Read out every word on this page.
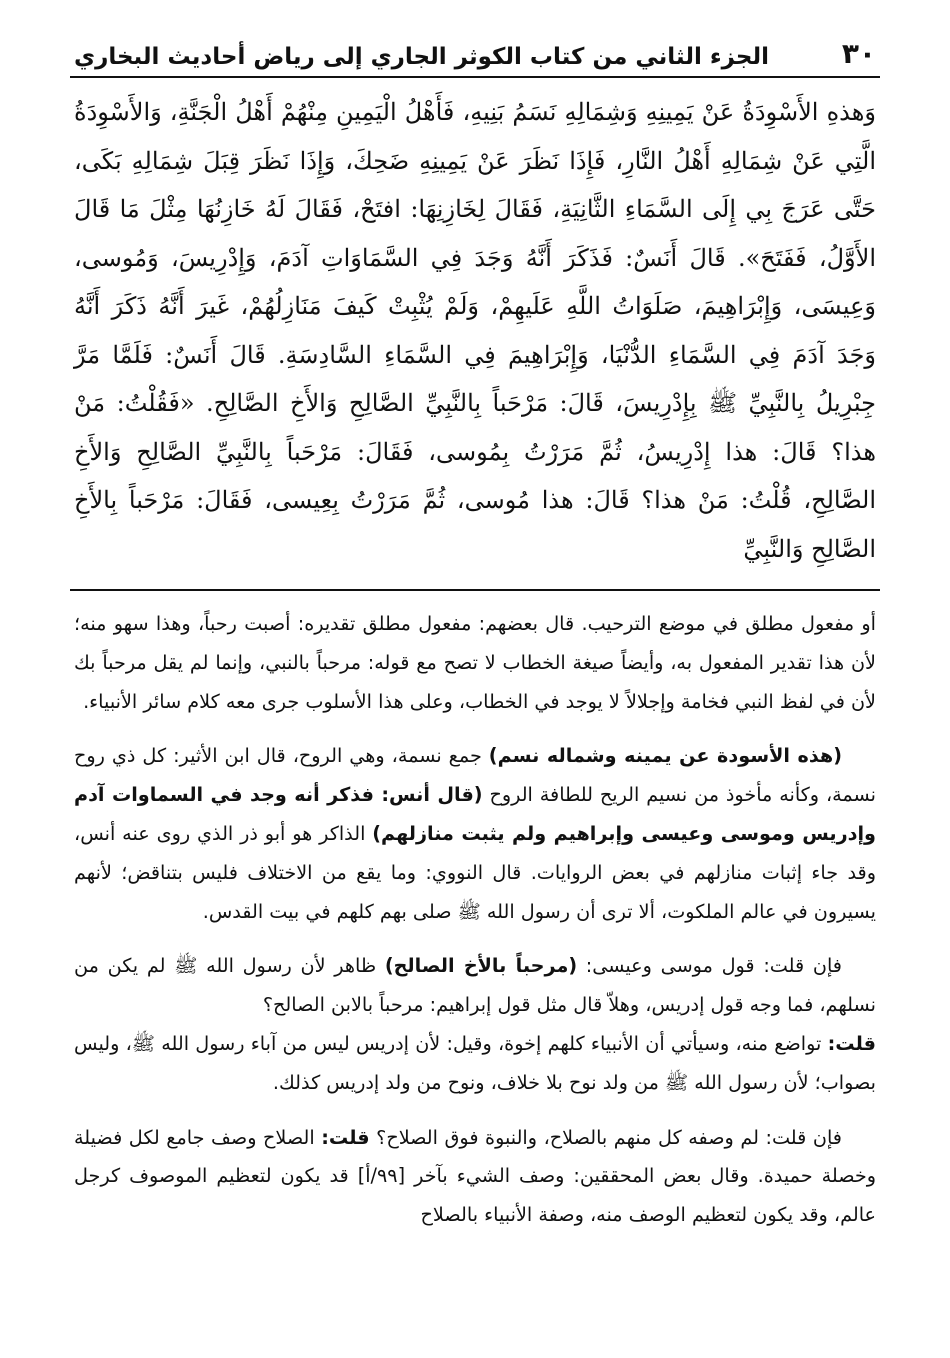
٣٠
الجزء الثاني من كتاب الكوثر الجاري إلى رياض أحاديث البخاري

وَهذهِ الأَسْوِدَةُ عَنْ يَمِينِهِ وَشِمَالِهِ نَسَمُ بَنِيهِ، فَأَهْلُ الْيَمِينِ مِنْهُمْ أَهْلُ الْجَنَّةِ، وَالأَسْوِدَةُ الَّتِي عَنْ شِمَالِهِ أَهْلُ النَّارِ، فَإِذَا نَظَرَ عَنْ يَمِينِهِ ضَحِكَ، وَإِذَا نَظَرَ قِبَلَ شِمَالِهِ بَكَى، حَتَّى عَرَجَ بِي إِلَى السَّمَاءِ الثَّانِيَةِ، فَقَالَ لِخَازِنِهَا: افتَحْ، فَقَالَ لَهُ خَازِنُهَا مِثْلَ مَا قَالَ الأَوَّلُ، فَفَتَحَ». قَالَ أَنَسٌ: فَذَكَرَ أَنَّهُ وَجَدَ فِي السَّمَاوَاتِ آدَمَ، وَإِدْرِيسَ، وَمُوسى، وَعِيسَى، وَإِبْرَاهِيمَ، صَلَوَاتُ اللَّهِ عَلَيهِمْ، وَلَمْ يُثْبِتْ كَيفَ مَنَازِلُهُمْ، غَيرَ أَنَّهُ ذَكَرَ أَنَّهُ وَجَدَ آدَمَ فِي السَّمَاءِ الدُّنْيَا، وَإِبْرَاهِيمَ فِي السَّمَاءِ السَّادِسَةِ. قَالَ أَنَسٌ: فَلَمَّا مَرَّ جِبْرِيلُ بِالنَّبِيِّ ﷺ بِإِدْرِيسَ، قَالَ: مَرْحَباً بِالنَّبِيِّ الصَّالِحِ وَالأَخِ الصَّالِحِ. «فَقُلْتُ: مَنْ هذا؟ قَالَ: هذا إِدْرِيسُ، ثُمَّ مَرَرْتُ بِمُوسى، فَقَالَ: مَرْحَباً بِالنَّبِيِّ الصَّالِحِ وَالأَخِ الصَّالِحِ، قُلْتُ: مَنْ هذا؟ قَالَ: هذا مُوسى، ثُمَّ مَرَرْتُ بِعِيسى، فَقَالَ: مَرْحَباً بِالأَخِ الصَّالِحِ وَالنَّبِيِّ

أو مفعول مطلق في موضع الترحيب. قال بعضهم: مفعول مطلق تقديره: أصبت رحباً، وهذا سهو منه؛ لأن هذا تقدير المفعول به، وأيضاً صيغة الخطاب لا تصح مع قوله: مرحباً بالنبي، وإنما لم يقل مرحباً بك لأن في لفظ النبي فخامة وإجلالاً لا يوجد في الخطاب، وعلى هذا الأسلوب جرى معه كلام سائر الأنبياء.

(هذه الأسودة عن يمينه وشماله نسم) جمع نسمة، وهي الروح، قال ابن الأثير: كل ذي روح نسمة، وكأنه مأخوذ من نسيم الريح للطافة الروح (قال أنس: فذكر أنه وجد في السماوات آدم وإدريس وموسى وعيسى وإبراهيم ولم يثبت منازلهم) الذاكر هو أبو ذر الذي روى عنه أنس، وقد جاء إثبات منازلهم في بعض الروايات. قال النووي: وما يقع من الاختلاف فليس بتناقض؛ لأنهم يسيرون في عالم الملكوت، ألا ترى أن رسول الله ﷺ صلى بهم كلهم في بيت القدس.

فإن قلت: قول موسى وعيسى: (مرحباً بالأخ الصالح) ظاهر لأن رسول الله ﷺ لم يكن من نسلهم، فما وجه قول إدريس، وهلاّ قال مثل قول إبراهيم: مرحباً بالابن الصالح؟
قلت: تواضع منه، وسيأتي أن الأنبياء كلهم إخوة، وقيل: لأن إدريس ليس من آباء رسول الله ﷺ، وليس بصواب؛ لأن رسول الله ﷺ من ولد نوح بلا خلاف، ونوح من ولد إدريس كذلك.

فإن قلت: لم وصفه كل منهم بالصلاح، والنبوة فوق الصلاح؟ قلت: الصلاح وصف جامع لكل فضيلة وخصلة حميدة. وقال بعض المحققين: وصف الشيء بآخر [٩٩/أ] قد يكون لتعظيم الموصوف كرجل عالم، وقد يكون لتعظيم الوصف منه، وصفة الأنبياء بالصلاح
